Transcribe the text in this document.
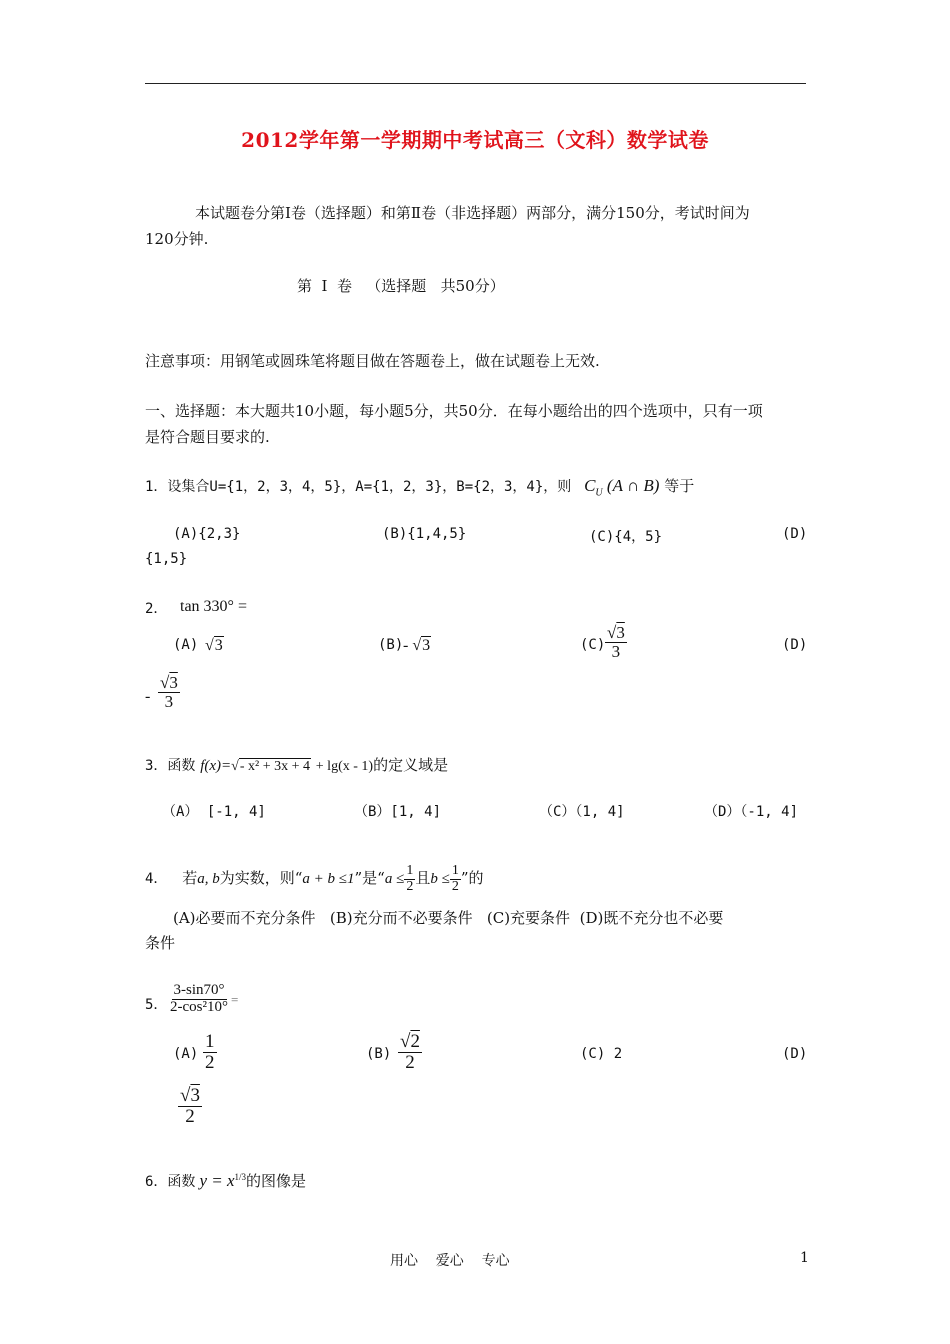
2012学年第一学期期中考试高三（文科）数学试卷
本试题卷分第Ⅰ卷（选择题）和第Ⅱ卷（非选择题）两部分，满分150分，考试时间为
120分钟.
第  Ⅰ  卷   （选择题   共50分）
注意事项：用钢笔或圆珠笔将题目做在答题卷上，做在试题卷上无效.
一、选择题：本大题共10小题，每小题5分，共50分．在每小题给出的四个选项中，只有一项
是符合题目要求的.
1．设集合U={1，2，3，4，5}，A={1，2，3}，B={2，3，4}，则 $C_U$ (A ∩ B) 等于
(A){2,3}	(B){1,4,5}	(C){4，5}	(D)
{1,5}
2． tan 330° =
(A) √3	(B) - √3	$(C) \frac{√3}{3}$	(D)
- $\frac{√3}{3}$
3．函数 f(x)=√- x² + 3x + 4 + lg(x - 1)的定义域是
（A） [-1, 4]	（B）[1, 4]	（C）（1, 4]	（D）（-1, 4]
4． 若a, b为实数，则“a + b ≤1”是“$a \le \frac{1}{2}$ 且$b \le \frac{1}{2}$ ”的
(A)必要而不充分条件   (B)充分而不必要条件   (C)充要条件  (D)既不充分也不必要
条件
5． $\frac{3-\sin 70^\circ}{\text{2-cos²10°}}$ =
$(A) \frac{1}{2}$	$(B) \frac{√2}{2}$	(C) 2	(D)
$\frac{√3}{2}$
6．函数 $y = x^{1/3}$的图像是
用心    爱心    专心	1
